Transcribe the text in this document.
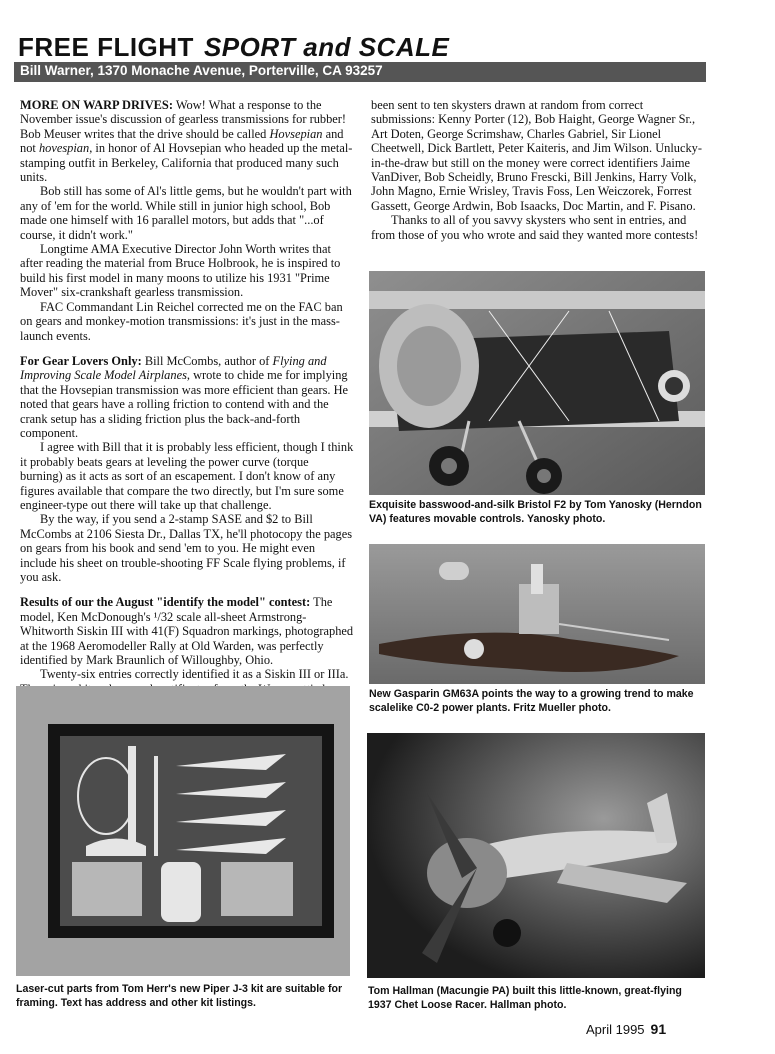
FREE FLIGHT SPORT and SCALE
Bill Warner, 1370 Monache Avenue, Porterville, CA 93257

MORE ON WARP DRIVES: Wow! What a response to the November issue's discussion of gearless transmissions for rubber! Bob Meuser writes that the drive should be called Hovsepian and not hovespian, in honor of Al Hovsepian who headed up the metal-stamping outfit in Berkeley, California that produced many such units.

Bob still has some of Al's little gems, but he wouldn't part with any of 'em for the world. While still in junior high school, Bob made one himself with 16 parallel motors, but adds that "...of course, it didn't work."

Longtime AMA Executive Director John Worth writes that after reading the material from Bruce Holbrook, he is inspired to build his first model in many moons to utilize his 1931 "Prime Mover" six-crankshaft gearless transmission.

FAC Commandant Lin Reichel corrected me on the FAC ban on gears and monkey-motion transmissions: it's just in the mass-launch events.

For Gear Lovers Only: Bill McCombs, author of Flying and Improving Scale Model Airplanes, wrote to chide me for implying that the Hovsepian transmission was more efficient than gears. He noted that gears have a rolling friction to contend with and the crank setup has a sliding friction plus the back-and-forth component.

I agree with Bill that it is probably less efficient, though I think it probably beats gears at leveling the power curve (torque burning) as it acts as sort of an escapement. I don't know of any figures available that compare the two directly, but I'm sure some engineer-type out there will take up that challenge.

By the way, if you send a 2-stamp SASE and $2 to Bill McCombs at 2106 Siesta Dr., Dallas TX, he'll photocopy the pages on gears from his book and send 'em to you. He might even include his sheet on trouble-shooting FF Scale flying problems, if you ask.

Results of our the August "identify the model" contest: The model, Ken McDonough's ¹/32 scale all-sheet Armstrong-Whitworth Siskin III with 41(F) Squadron markings, photographed at the 1968 Aeromodeller Rally at Old Warden, was perfectly identified by Mark Braunlich of Willoughby, Ohio.

Twenty-six entries correctly identified it as a Siskin III or IIIa.

been sent to ten skysters drawn at random from correct submissions: Kenny Porter (12), Bob Haight, George Wagner Sr., Art Doten, George Scrimshaw, Charles Gabriel, Sir Lionel Cheetwell, Dick Bartlett, Peter Kaiteris, and Jim Wilson. Unlucky-in-the-draw but still on the money were correct identifiers Jaime VanDiver, Bob Scheidly, Bruno Frescki, Bill Jenkins, Harry Volk, John Magno, Ernie Wrisley, Travis Foss, Len Weiczorek, Forrest Gassett, George Ardwin, Bob Isaacks, Doc Martin, and F. Pisano.

Thanks to all of you savvy skysters who sent in entries, and from those of you who wrote and said they wanted more contests!

Exquisite basswood-and-silk Bristol F2 by Tom Yanosky (Herndon VA) features movable controls. Yanosky photo.
New Gasparin GM63A points the way to a growing trend to make scalelike C0-2 power plants. Fritz Mueller photo.
Laser-cut parts from Tom Herr's new Piper J-3 kit are suitable for framing. Text has address and other kit listings.
Tom Hallman (Macungie PA) built this little-known, great-flying 1937 Chet Loose Racer. Hallman photo.
April 1995 91
